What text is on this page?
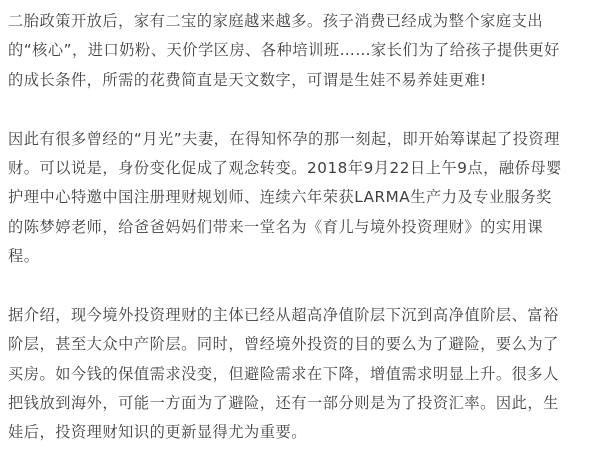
二胎政策开放后，家有二宝的家庭越来越多。孩子消费已经成为整个家庭支出
的“核心”，进口奶粉、天价学区房、各种培训班……家长们为了给孩子提供更好
的成长条件，所需的花费简直是天文数字，可谓是生娃不易养娃更难!
因此有很多曾经的“月光”夫妻，在得知怀孕的那一刻起，即开始筹谋起了投资理
财。可以说是，身份变化促成了观念转变。2018年9月22日上午9点，融侨母婴
护理中心特邀中国注册理财规划师、连续六年荣获LARMA生产力及专业服务奖
的陈梦婷老师，给爸爸妈妈们带来一堂名为《育儿与境外投资理财》的实用课
程。
据介绍，现今境外投资理财的主体已经从超高净值阶层下沉到高净值阶层、富裕
阶层，甚至大众中产阶层。同时，曾经境外投资的目的要么为了避险，要么为了
买房。如今钱的保值需求没变，但避险需求在下降，增值需求明显上升。很多人
把钱放到海外，可能一方面为了避险，还有一部分则是为了投资汇率。因此，生
娃后，投资理财知识的更新显得尤为重要。
